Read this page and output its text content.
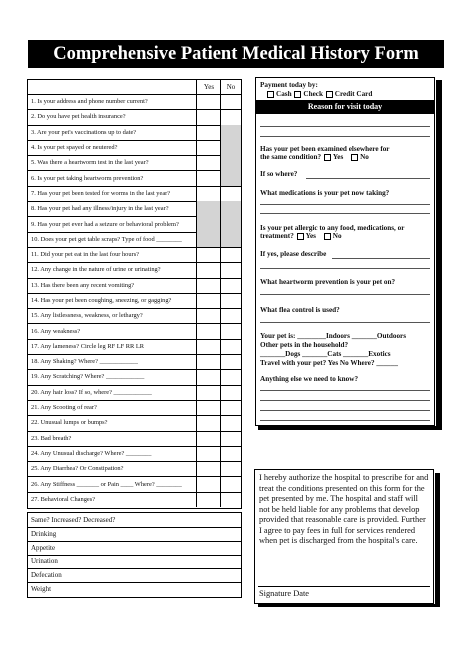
Comprehensive Patient Medical History Form
Yes	No
1. Is your address and phone number current?
2. Do you have pet health insurance?
3. Are your pet's vaccinations up to date?
4. Is your pet spayed or neutered?
5. Was there a heartworm test in the last year?
6. Is your pet taking heartworm prevention?
7. Has your pet been tested for worms in the last year?
8. Has your pet had any illness/injury in the last year?
9. Has your pet ever had a seizure or behavioral problem?
10. Does your pet get table scraps? Type of food ________
11. Did your pet eat in the last four hours?
12. Any change in the nature of urine or urinating?
13. Has there been any recent vomiting?
14. Has your pet been coughing, sneezing, or gagging?
15. Any listlessness, weakness, or lethargy?
16. Any weakness?
17. Any lameness? Circle leg RF LF RR LR
18. Any Shaking? Where? ____________
19. Any Scratching? Where? ____________
20. Any hair loss? If so, where? ____________
21. Any Scooting of rear?
22. Unusual lumps or bumps?
23. Bad breath?
24. Any Unusual discharge? Where? ________
25. Any Diarrhea? Or Constipation?
26. Any Stiffness _______ or Pain ____ Where? ________
27. Behavioral Changes?
Same? Increased? Decreased?
Drinking
Appetite
Urination
Defecation
Weight
Payment today by:
Cash Check Credit Card
Reason for visit today
Has your pet been examined elsewhere for
the same condition? Yes No
If so where?
What medications is your pet now taking?
Is your pet allergic to any food, medications, or
treatment? Yes No
If yes, please describe
What heartworm prevention is your pet on?
What flea control is used?
Your pet is: ________Indoors _______Outdoors
Other pets in the household?
_______Dogs _______Cats _______Exotics
Travel with your pet? Yes No Where? ______
Anything else we need to know?
I hereby authorize the hospital to prescribe for and treat the conditions presented on this form for the pet presented by me. The hospital and staff will not be held liable for any problems that develop provided that reasonable care is provided. Further I agree to pay fees in full for services rendered when pet is discharged from the hospital's care.
Signature Date
